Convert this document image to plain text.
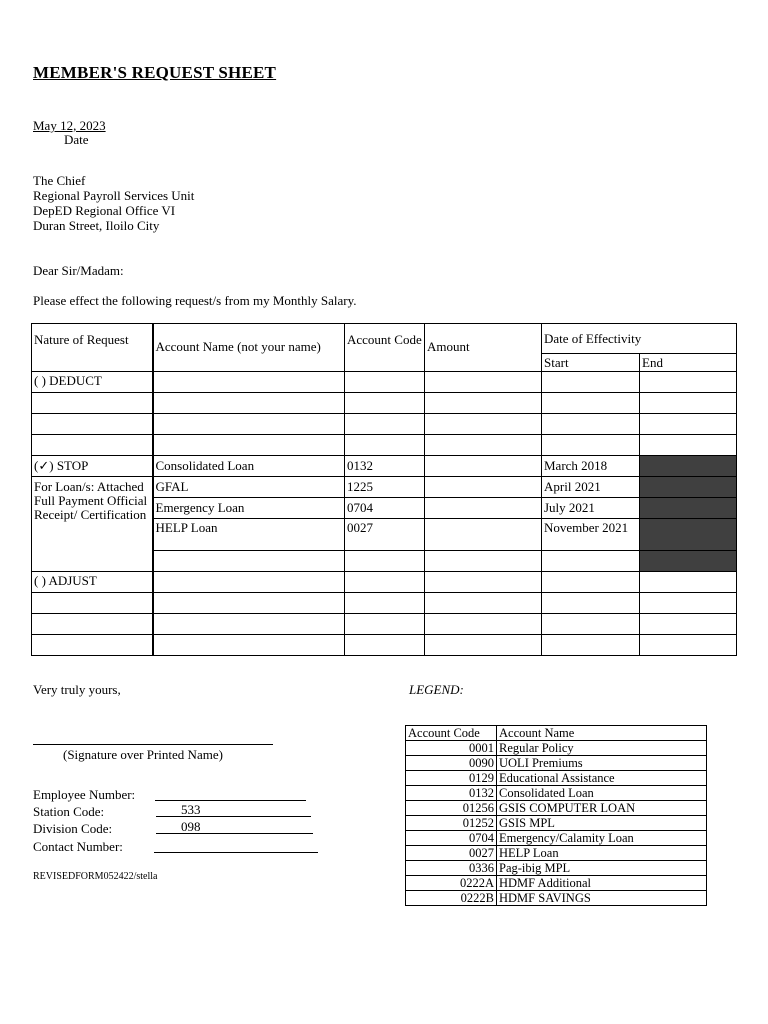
MEMBER'S REQUEST SHEET
May 12, 2023
Date
The Chief
Regional Payroll Services Unit
DepED Regional Office VI
Duran Street, Iloilo City
Dear Sir/Madam:
Please effect the following request/s from my Monthly Salary.
Nature of Request	Account Name (not your name)	Account Code	Amount	Date of Effectivity	
				Start	End
( ) DEDUCT					

(✓) STOP	Consolidated Loan	0132		March 2018	
For Loan/s: Attached Full Payment Official Receipt/ Certification	GFAL	1225		April 2021	
	Emergency Loan	0704		July 2021	
	HELP Loan	0027		November 2021	

( ) ADJUST					

Very truly yours,	LEGEND:
(Signature over Printed Name)
Employee Number:
Station Code:	533
Division Code:	098
Contact Number:
REVISEDFORM052422/stella
Account Code	Account Name
0001	Regular Policy
0090	UOLI Premiums
0129	Educational Assistance
0132	Consolidated Loan
01256	GSIS COMPUTER LOAN
01252	GSIS MPL
0704	Emergency/Calamity Loan
0027	HELP Loan
0336	Pag-ibig MPL
0222A	HDMF Additional
0222B	HDMF SAVINGS
